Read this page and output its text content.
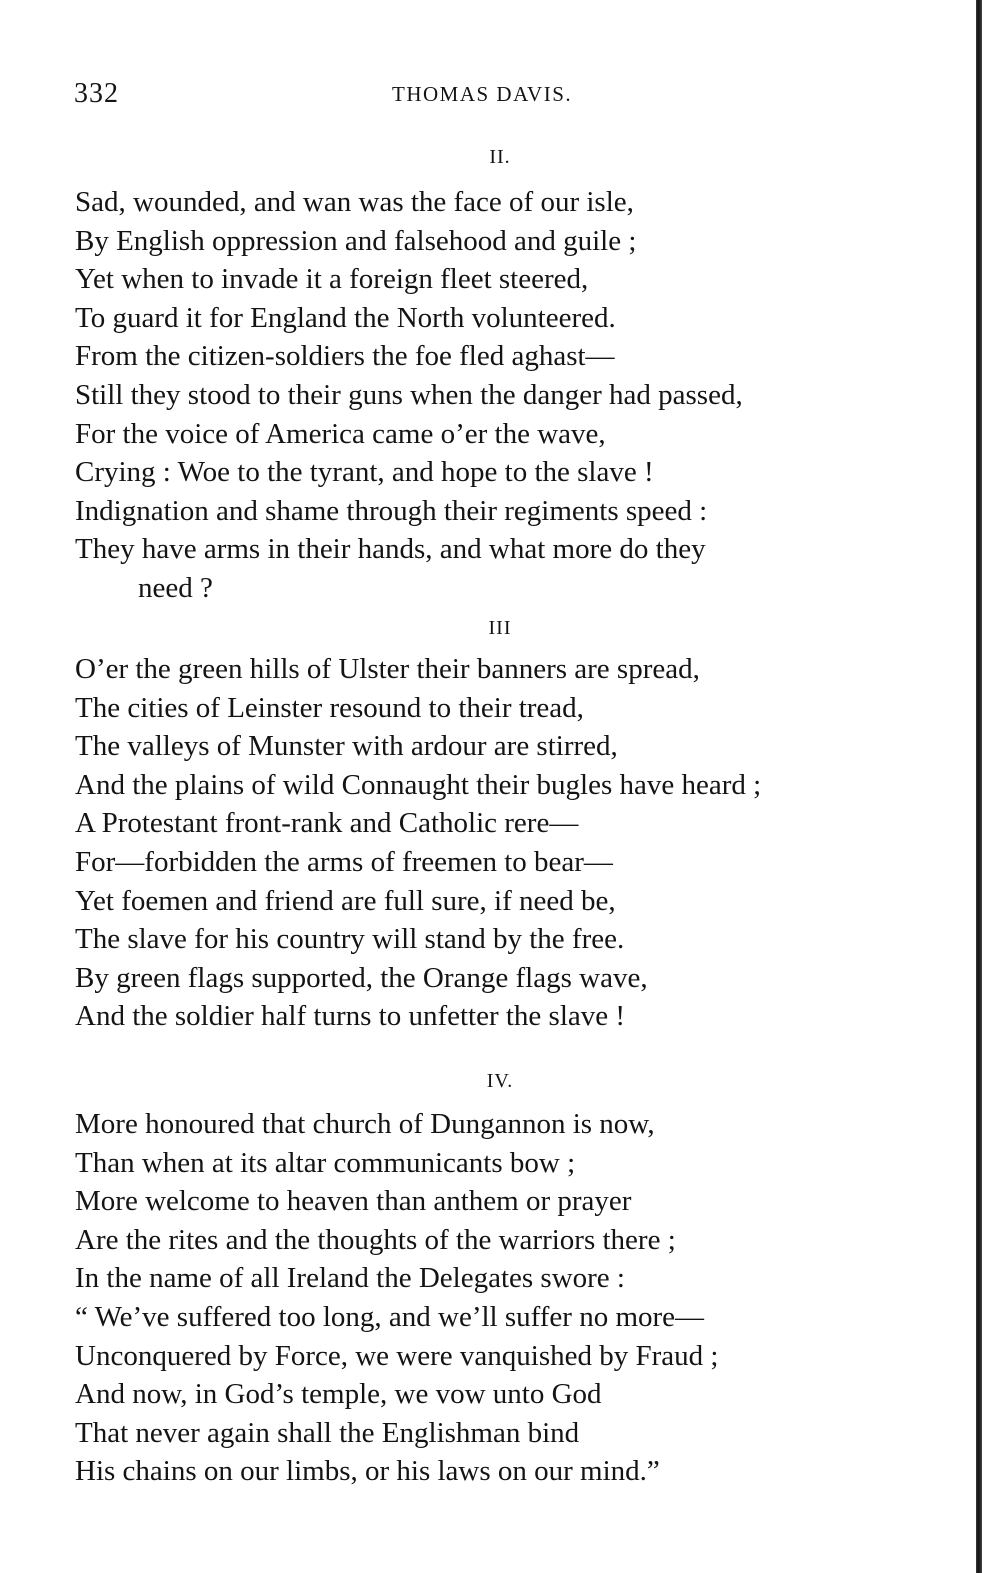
332	THOMAS DAVIS.
II.
Sad, wounded, and wan was the face of our isle,
By English oppression and falsehood and guile ;
Yet when to invade it a foreign fleet steered,
To guard it for England the North volunteered.
From the citizen-soldiers the foe fled aghast—
Still they stood to their guns when the danger had passed,
For the voice of America came o’er the wave,
Crying : Woe to the tyrant, and hope to the slave !
Indignation and shame through their regiments speed :
They have arms in their hands, and what more do they
need ?
III
O’er the green hills of Ulster their banners are spread,
The cities of Leinster resound to their tread,
The valleys of Munster with ardour are stirred,
And the plains of wild Connaught their bugles have heard ;
A Protestant front-rank and Catholic rere—
For—forbidden the arms of freemen to bear—
Yet foemen and friend are full sure, if need be,
The slave for his country will stand by the free.
By green flags supported, the Orange flags wave,
And the soldier half turns to unfetter the slave !
IV.
More honoured that church of Dungannon is now,
Than when at its altar communicants bow ;
More welcome to heaven than anthem or prayer
Are the rites and the thoughts of the warriors there ;
In the name of all Ireland the Delegates swore :
“ We’ve suffered too long, and we’ll suffer no more—
Unconquered by Force, we were vanquished by Fraud ;
And now, in God’s temple, we vow unto God
That never again shall the Englishman bind
His chains on our limbs, or his laws on our mind.”
